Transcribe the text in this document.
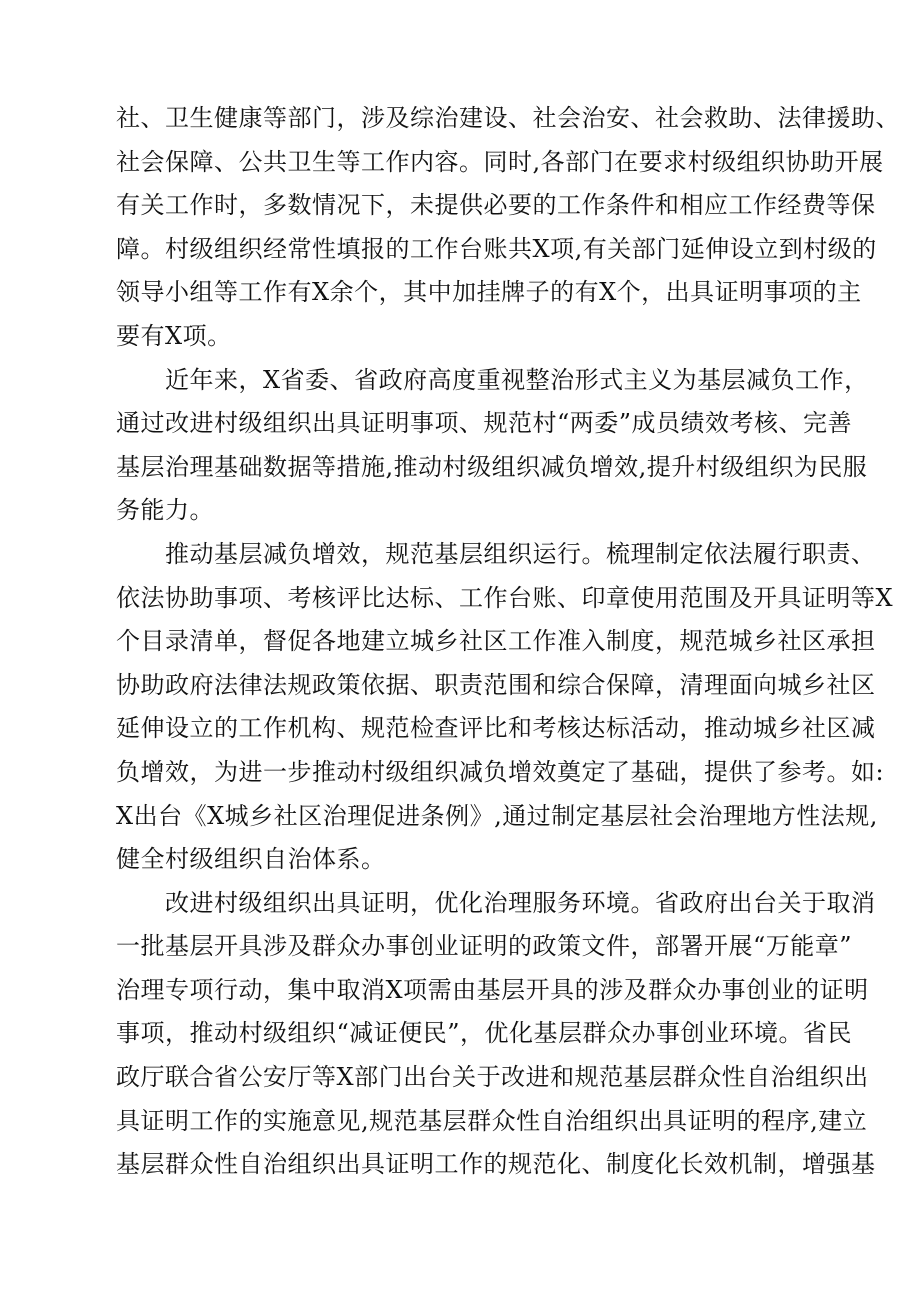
社、卫生健康等部门，涉及综治建设、社会治安、社会救助、法律援助、
社会保障、公共卫生等工作内容。同时,各部门在要求村级组织协助开展
有关工作时，多数情况下，未提供必要的工作条件和相应工作经费等保
障。村级组织经常性填报的工作台账共X项,有关部门延伸设立到村级的
领导小组等工作有X余个，其中加挂牌子的有X个，出具证明事项的主
要有X项。
近年来，X省委、省政府高度重视整治形式主义为基层减负工作，
通过改进村级组织出具证明事项、规范村“两委”成员绩效考核、完善
基层治理基础数据等措施,推动村级组织减负增效,提升村级组织为民服
务能力。
推动基层减负增效，规范基层组织运行。梳理制定依法履行职责、
依法协助事项、考核评比达标、工作台账、印章使用范围及开具证明等X
个目录清单，督促各地建立城乡社区工作准入制度，规范城乡社区承担
协助政府法律法规政策依据、职责范围和综合保障，清理面向城乡社区
延伸设立的工作机构、规范检查评比和考核达标活动，推动城乡社区减
负增效，为进一步推动村级组织减负增效奠定了基础，提供了参考。如:
X出台《X城乡社区治理促进条例》,通过制定基层社会治理地方性法规,
健全村级组织自治体系。
改进村级组织出具证明，优化治理服务环境。省政府出台关于取消
一批基层开具涉及群众办事创业证明的政策文件，部署开展“万能章”
治理专项行动，集中取消X项需由基层开具的涉及群众办事创业的证明
事项，推动村级组织“减证便民”，优化基层群众办事创业环境。省民
政厅联合省公安厅等X部门出台关于改进和规范基层群众性自治组织出
具证明工作的实施意见,规范基层群众性自治组织出具证明的程序,建立
基层群众性自治组织出具证明工作的规范化、制度化长效机制，增强基
